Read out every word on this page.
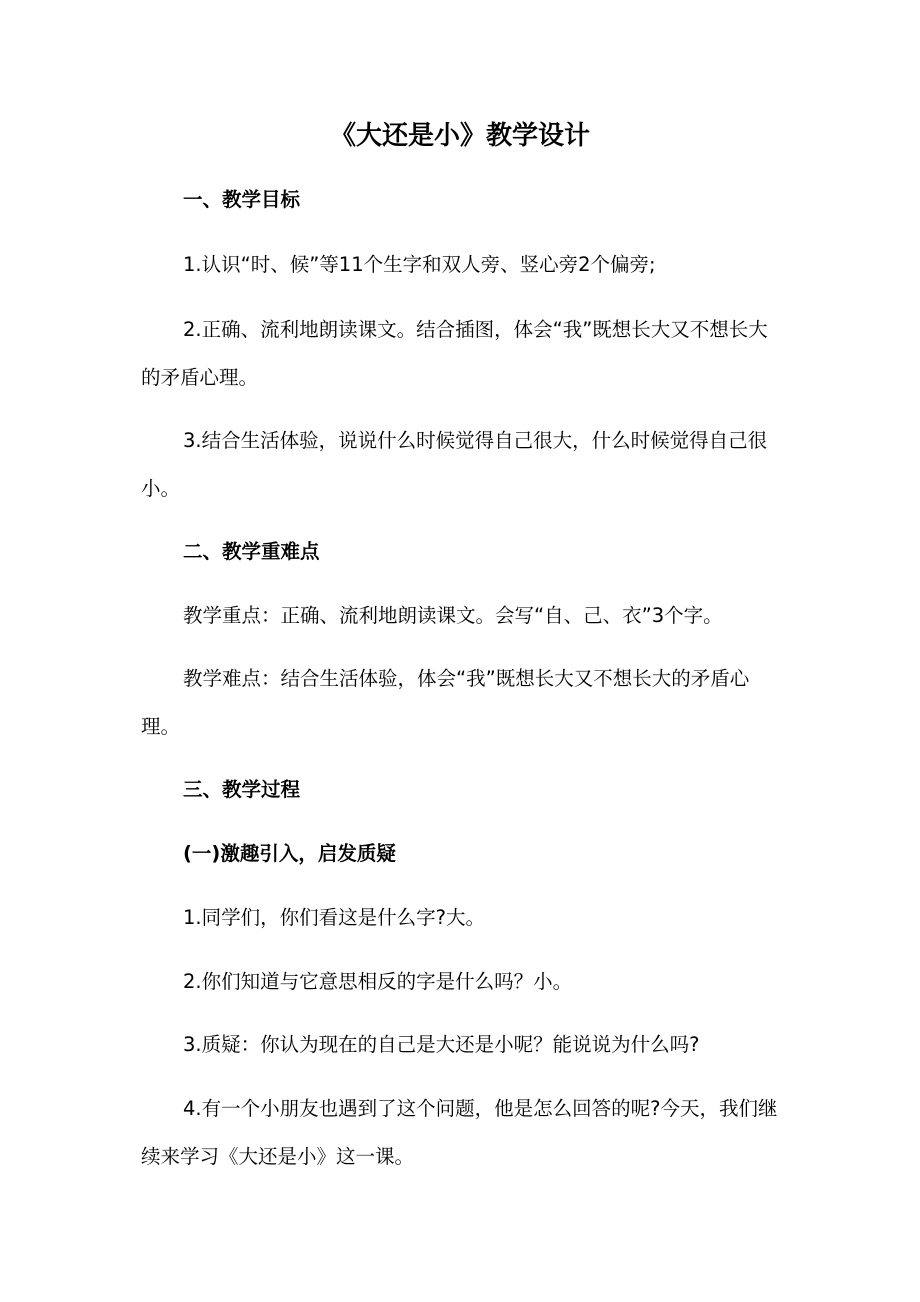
《大还是小》教学设计

一、教学目标

1.认识“时、候”等11个生字和双人旁、竖心旁2个偏旁;

2.正确、流利地朗读课文。结合插图，体会“我”既想长大又不想长大的矛盾心理。

3.结合生活体验，说说什么时候觉得自己很大，什么时候觉得自己很小。

二、教学重难点

教学重点：正确、流利地朗读课文。会写“自、己、衣”3个字。

教学难点：结合生活体验，体会“我”既想长大又不想长大的矛盾心理。

三、教学过程

(一)激趣引入，启发质疑

1.同学们，你们看这是什么字?大。

2.你们知道与它意思相反的字是什么吗？小。

3.质疑：你认为现在的自己是大还是小呢？能说说为什么吗?

4.有一个小朋友也遇到了这个问题，他是怎么回答的呢?今天，我们继续来学习《大还是小》这一课。
